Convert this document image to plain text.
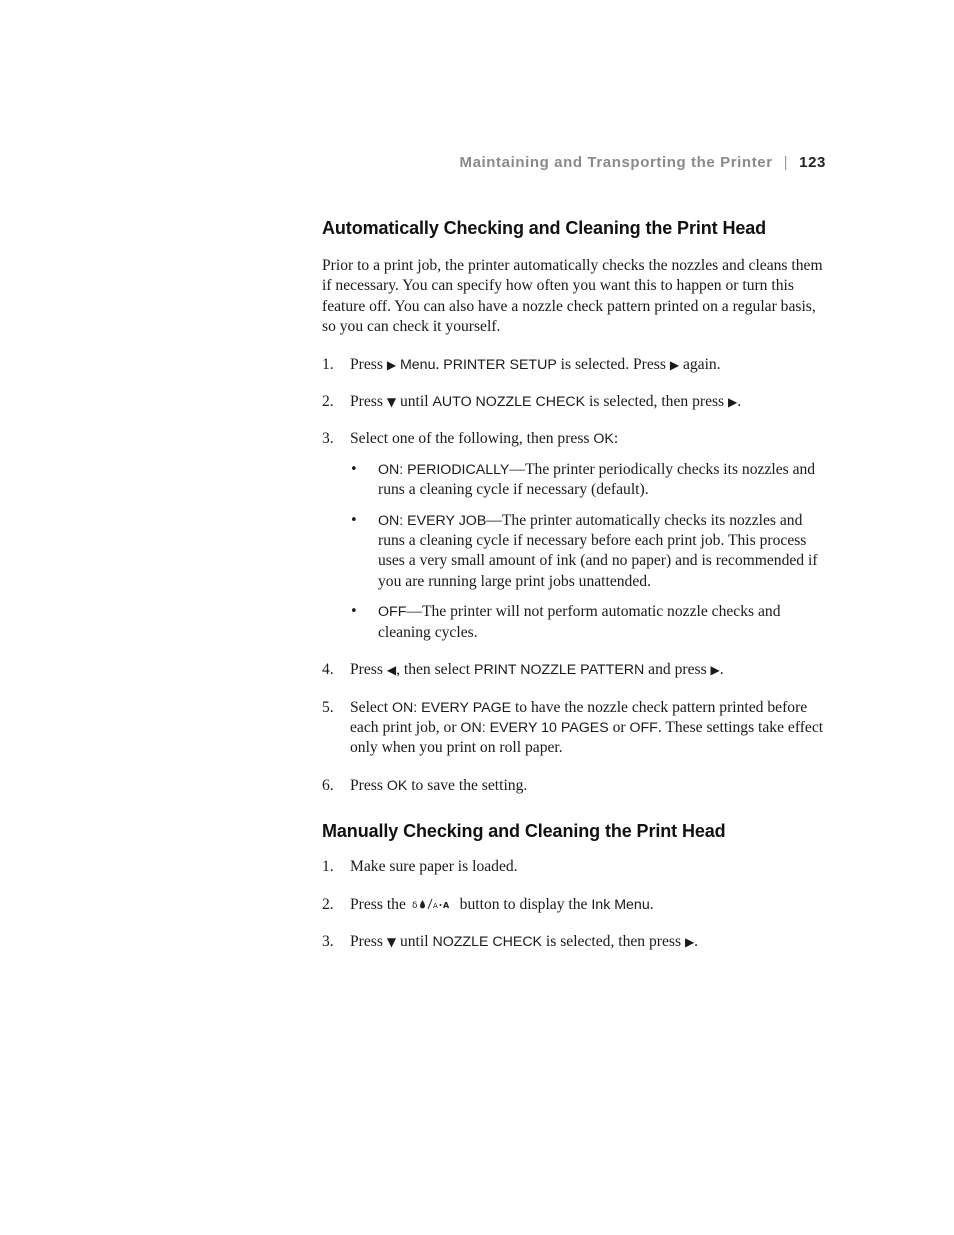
Maintaining and Transporting the Printer | 123
Automatically Checking and Cleaning the Print Head

Prior to a print job, the printer automatically checks the nozzles and cleans them if necessary. You can specify how often you want this to happen or turn this feature off. You can also have a nozzle check pattern printed on a regular basis, so you can check it yourself.

1. Press ▶ Menu. PRINTER SETUP is selected. Press ▶ again.
2. Press ▼ until AUTO NOZZLE CHECK is selected, then press ▶.
3. Select one of the following, then press OK:
• ON: PERIODICALLY—The printer periodically checks its nozzles and runs a cleaning cycle if necessary (default).
• ON: EVERY JOB—The printer automatically checks its nozzles and runs a cleaning cycle if necessary before each print job. This process uses a very small amount of ink (and no paper) and is recommended if you are running large print jobs unattended.
• OFF—The printer will not perform automatic nozzle checks and cleaning cycles.
4. Press ◀, then select PRINT NOZZLE PATTERN and press ▶.
5. Select ON: EVERY PAGE to have the nozzle check pattern printed before each print job, or ON: EVERY 10 PAGES or OFF. These settings take effect only when you print on roll paper.
6. Press OK to save the setting.
Manually Checking and Cleaning the Print Head
1. Make sure paper is loaded.
2. Press the δ A A button to display the Ink Menu.
3. Press ▼ until NOZZLE CHECK is selected, then press ▶.
